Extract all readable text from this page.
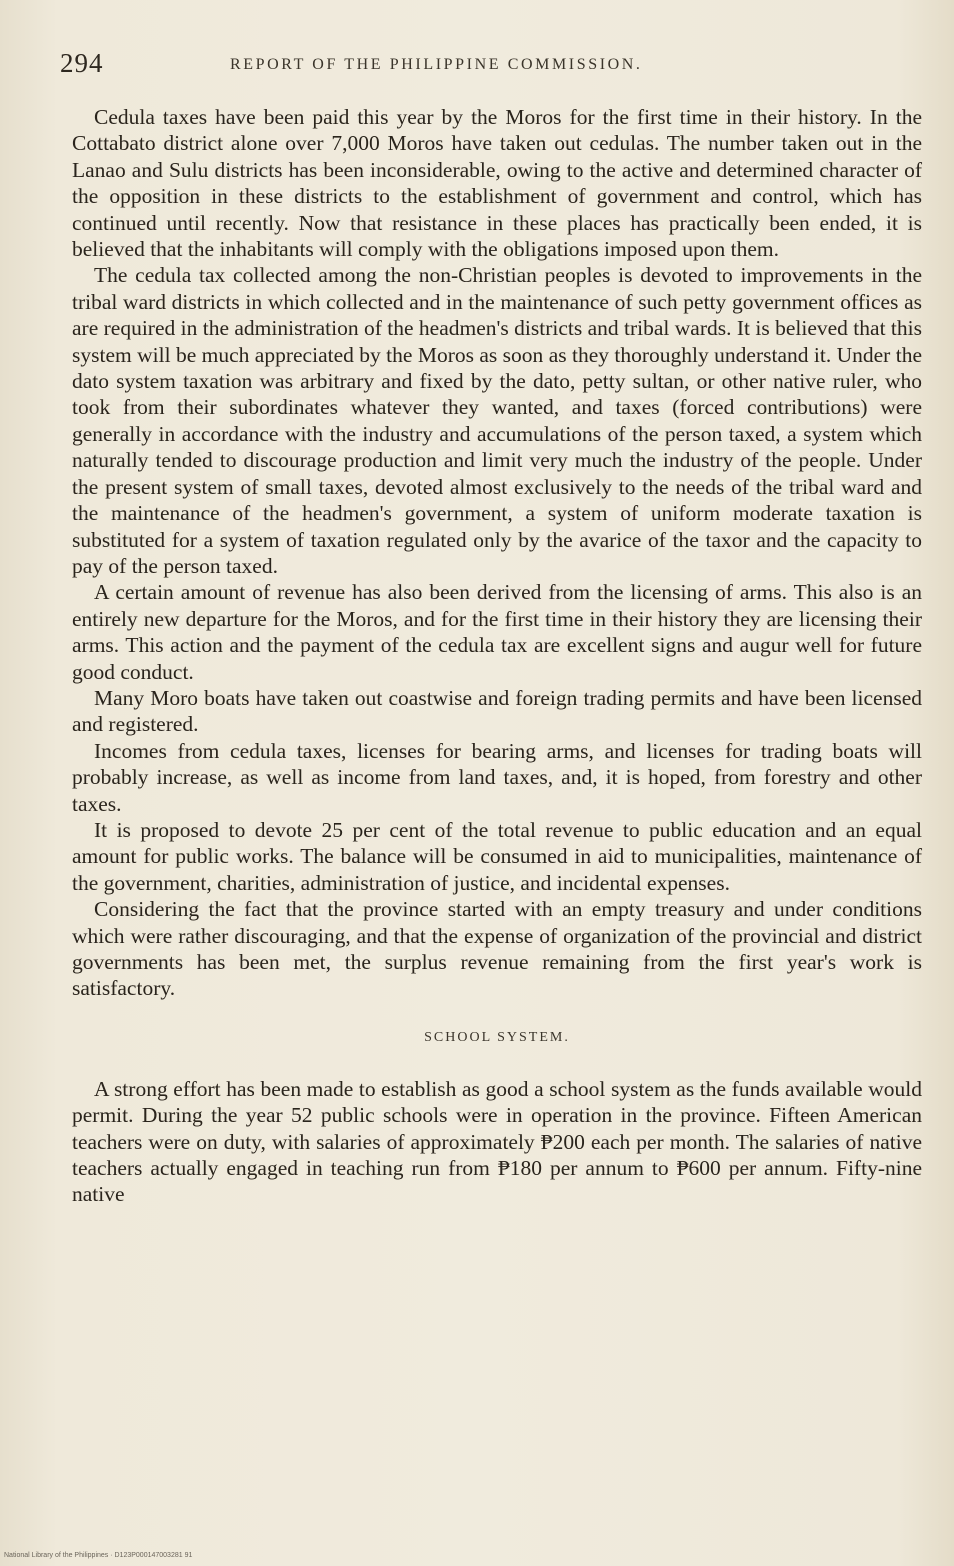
294	REPORT OF THE PHILIPPINE COMMISSION.

Cedula taxes have been paid this year by the Moros for the first time in their history. In the Cottabato district alone over 7,000 Moros have taken out cedulas. The number taken out in the Lanao and Sulu districts has been inconsiderable, owing to the active and determined character of the opposition in these districts to the establishment of government and control, which has continued until recently. Now that resistance in these places has practically been ended, it is believed that the inhabitants will comply with the obligations imposed upon them.

The cedula tax collected among the non-Christian peoples is devoted to improvements in the tribal ward districts in which collected and in the maintenance of such petty government offices as are required in the administration of the headmen's districts and tribal wards. It is believed that this system will be much appreciated by the Moros as soon as they thoroughly understand it. Under the dato system taxation was arbitrary and fixed by the dato, petty sultan, or other native ruler, who took from their subordinates whatever they wanted, and taxes (forced contributions) were generally in accordance with the industry and accumulations of the person taxed, a system which naturally tended to discourage production and limit very much the industry of the people. Under the present system of small taxes, devoted almost exclusively to the needs of the tribal ward and the maintenance of the headmen's government, a system of uniform moderate taxation is substituted for a system of taxation regulated only by the avarice of the taxor and the capacity to pay of the person taxed.

A certain amount of revenue has also been derived from the licensing of arms. This also is an entirely new departure for the Moros, and for the first time in their history they are licensing their arms. This action and the payment of the cedula tax are excellent signs and augur well for future good conduct.

Many Moro boats have taken out coastwise and foreign trading permits and have been licensed and registered.

Incomes from cedula taxes, licenses for bearing arms, and licenses for trading boats will probably increase, as well as income from land taxes, and, it is hoped, from forestry and other taxes.

It is proposed to devote 25 per cent of the total revenue to public education and an equal amount for public works. The balance will be consumed in aid to municipalities, maintenance of the government, charities, administration of justice, and incidental expenses.

Considering the fact that the province started with an empty treasury and under conditions which were rather discouraging, and that the expense of organization of the provincial and district governments has been met, the surplus revenue remaining from the first year's work is satisfactory.

SCHOOL SYSTEM.

A strong effort has been made to establish as good a school system as the funds available would permit. During the year 52 public schools were in operation in the province. Fifteen American teachers were on duty, with salaries of approximately ₱200 each per month. The salaries of native teachers actually engaged in teaching run from ₱180 per annum to ₱600 per annum. Fifty-nine native

National Library of the Philippines · D123P000147003281 91
